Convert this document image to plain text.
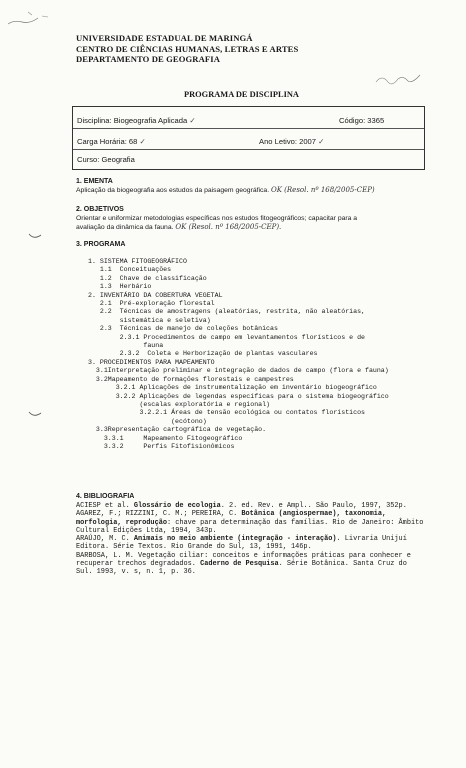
UNIVERSIDADE ESTADUAL DE MARINGÁ
CENTRO DE CIÊNCIAS HUMANAS, LETRAS E ARTES
DEPARTAMENTO DE GEOGRAFIA
PROGRAMA DE DISCIPLINA
Disciplina: Biogeografia Aplicada ✓	Código: 3365
Carga Horária: 68 ✓	Ano Letivo: 2007 ✓
Curso: Geografia
1. EMENTA
Aplicação da biogeografia aos estudos da paisagem geográfica. OK (Resol. nº 168/2005-CEP)
2. OBJETIVOS
Orientar e uniformizar metodologias específicas nos estudos fitogeográficos; capacitar para a
avaliação da dinâmica da fauna. OK (Resol. nº 168/2005-CEP).
3. PROGRAMA
1. SISTEMA FITOGEOGRÁFICO
1.1  Conceituações
1.2  Chave de classificação
1.3  Herbário
2. INVENTÁRIO DA COBERTURA VEGETAL
2.1  Pré-exploração florestal
2.2  Técnicas de amostragens (aleatórias, restrita, não aleatórias,
sistemática e seletiva)
2.3  Técnicas de manejo de coleções botânicas
2.3.1 Procedimentos de campo em levantamentos florísticos e de
fauna
2.3.2  Coleta e Herborização de plantas vasculares
3. PROCEDIMENTOS PARA MAPEAMENTO
3.1Interpretação preliminar e integração de dados de campo (flora e fauna)
3.2Mapeamento de formações florestais e campestres
3.2.1 Aplicações de instrumentalização em inventário biogeográfico
3.2.2 Aplicações de legendas específicas para o sistema biogeográfico
(escalas exploratória e regional)
3.2.2.1 Áreas de tensão ecológica ou contatos florísticos
(ecótono)
3.3Representação cartográfica de vegetação.
3.3.1     Mapeamento Fitogeográfico
3.3.2     Perfis Fitofisionômicos
4. BIBLIOGRAFIA
ACIESP et al. Glossário de ecologia. 2. ed. Rev. e Ampl.. São Paulo, 1997, 352p.
AGAREZ, F.; RIZZINI, C. M.; PEREIRA, C. Botânica (angiospermae), taxonomia, morfologia, reprodução: chave para determinação das famílias. Rio de Janeiro: Âmbito Cultural Edições Ltda, 1994, 343p.
ARAÚJO, M. C. Animais no meio ambiente (integração - interação). Livraria Unijuí Editora. Série Textos. Rio Grande do Sul, 13, 1991, 146p.
BARBOSA, L. M. Vegetação ciliar: conceitos e informações práticas para conhecer e recuperar trechos degradados. Caderno de Pesquisa. Série Botânica. Santa Cruz do Sul. 1993, v. s, n. 1, p. 36.
